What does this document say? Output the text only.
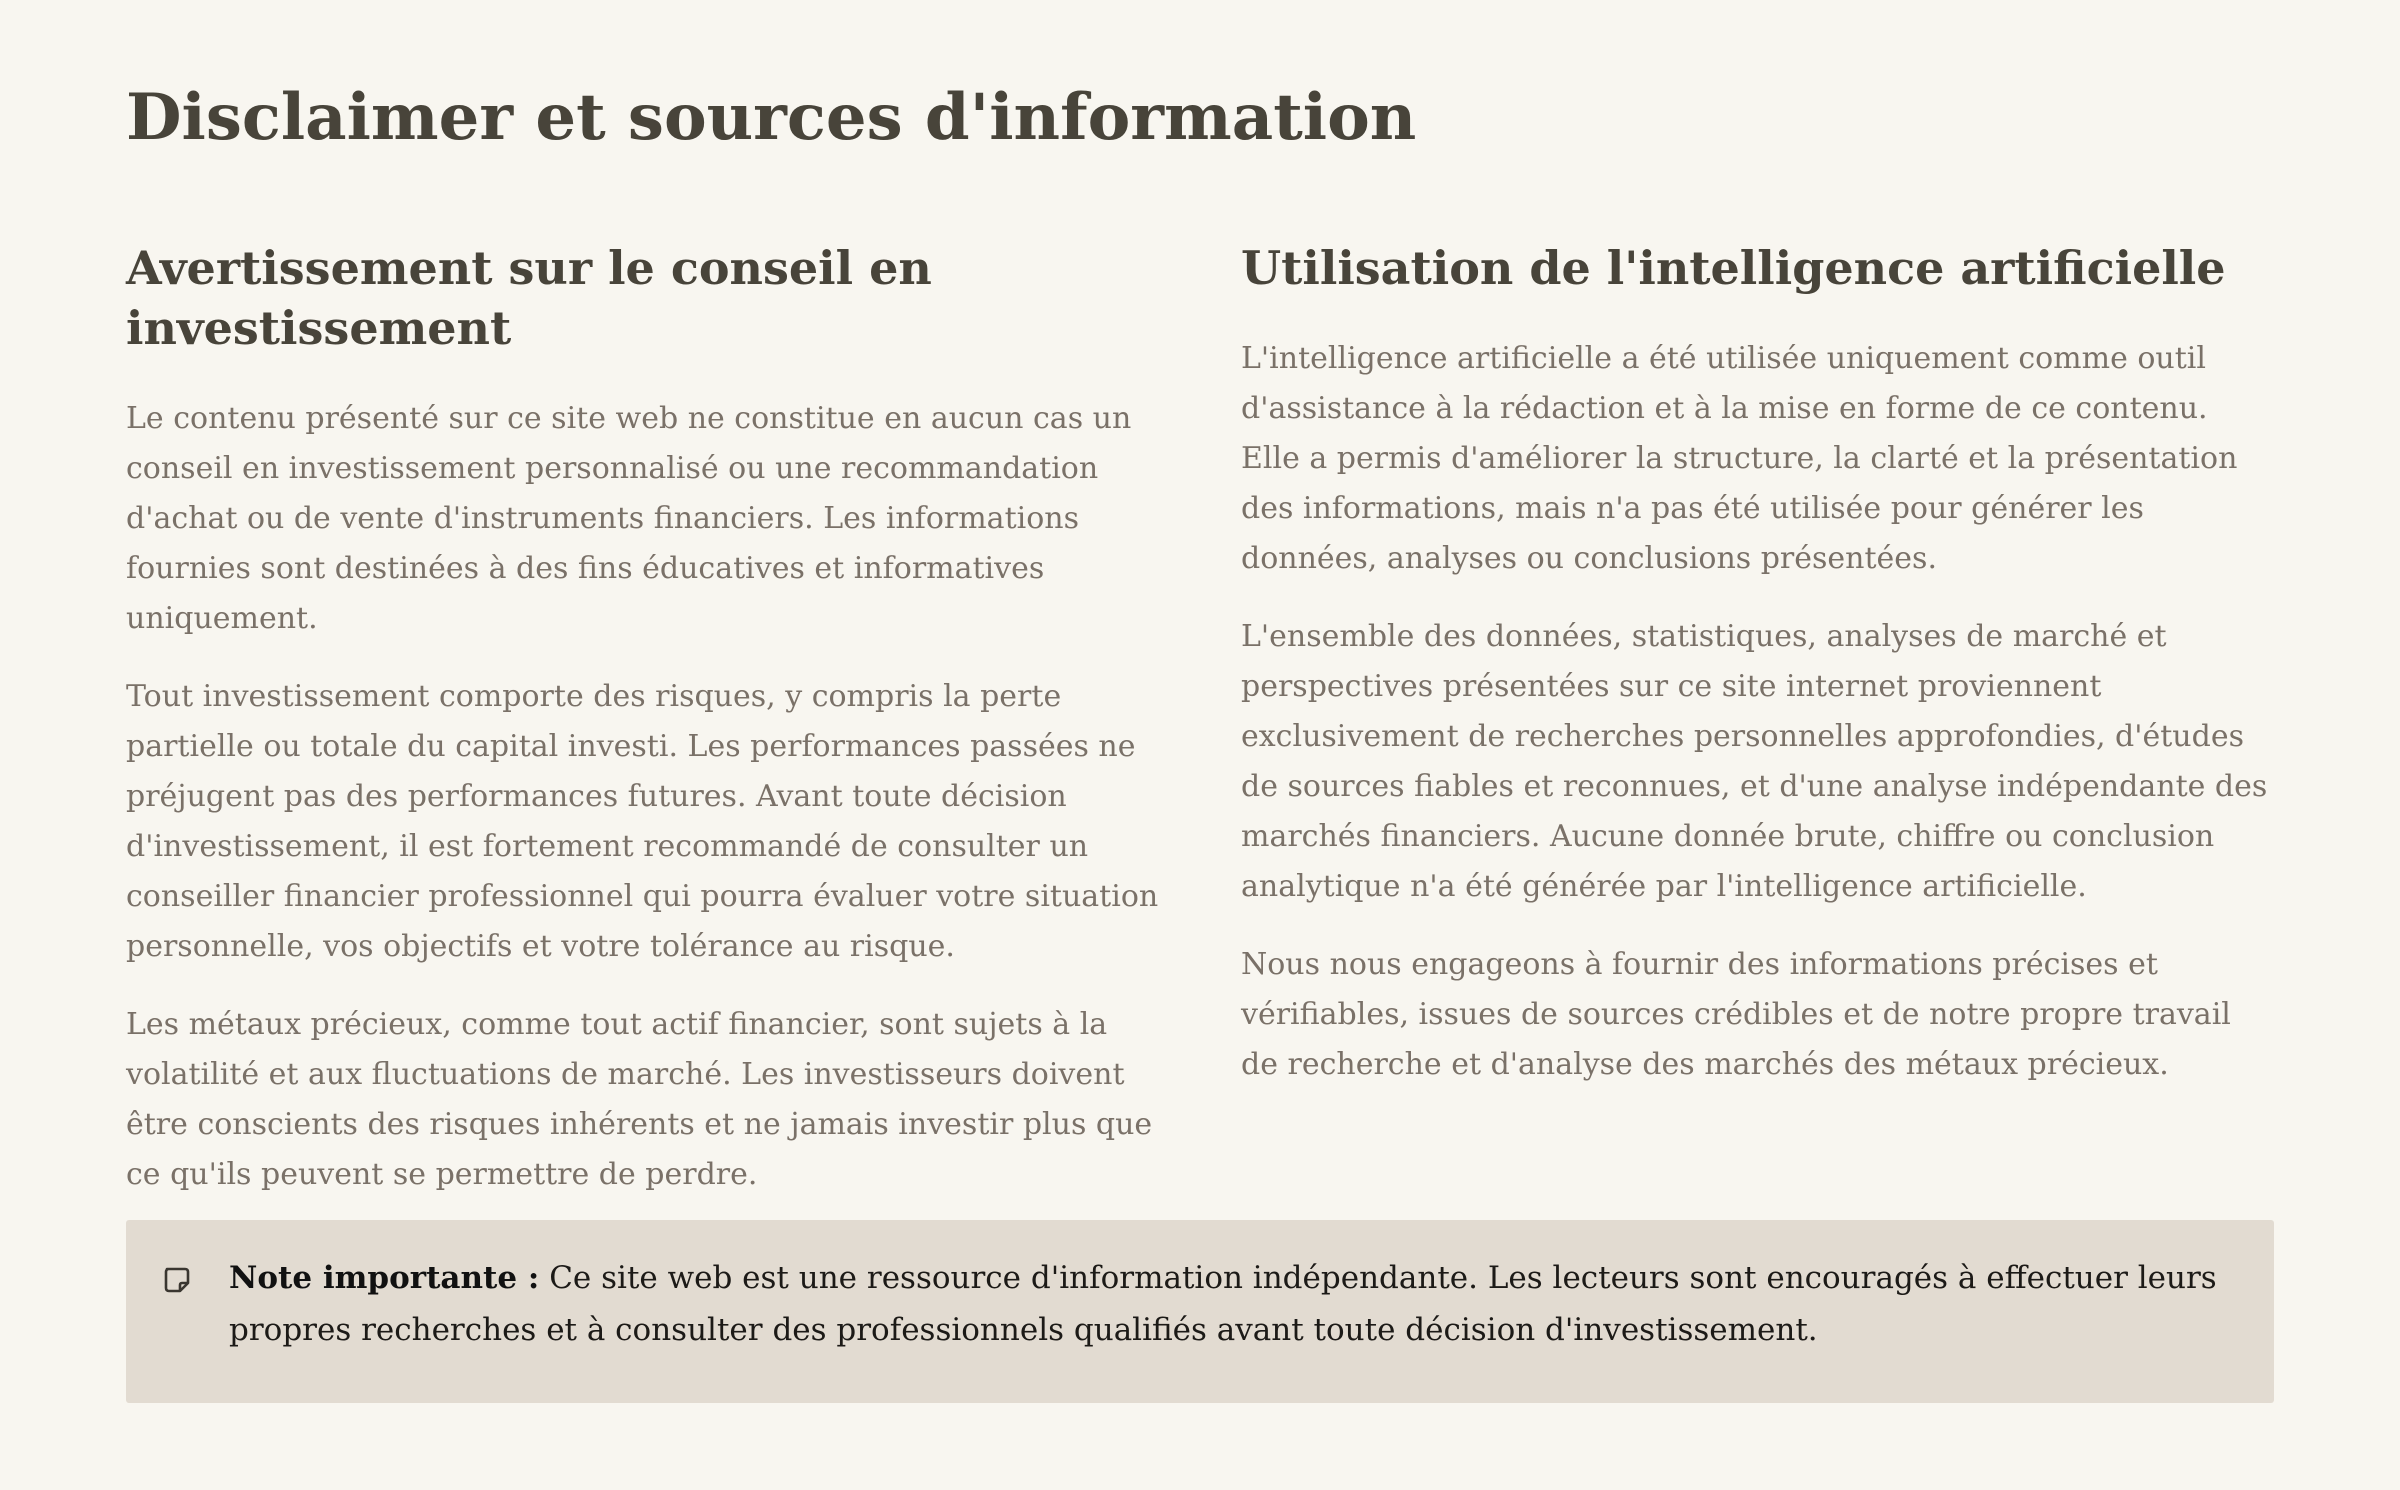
Disclaimer et sources d'information
Avertissement sur le conseil en investissement

Le contenu présenté sur ce site web ne constitue en aucun cas un conseil en investissement personnalisé ou une recommandation d'achat ou de vente d'instruments financiers. Les informations fournies sont destinées à des fins éducatives et informatives uniquement.

Tout investissement comporte des risques, y compris la perte partielle ou totale du capital investi. Les performances passées ne préjugent pas des performances futures. Avant toute décision d'investissement, il est fortement recommandé de consulter un conseiller financier professionnel qui pourra évaluer votre situation personnelle, vos objectifs et votre tolérance au risque.

Les métaux précieux, comme tout actif financier, sont sujets à la volatilité et aux fluctuations de marché. Les investisseurs doivent être conscients des risques inhérents et ne jamais investir plus que ce qu'ils peuvent se permettre de perdre.

Utilisation de l'intelligence artificielle

L'intelligence artificielle a été utilisée uniquement comme outil d'assistance à la rédaction et à la mise en forme de ce contenu. Elle a permis d'améliorer la structure, la clarté et la présentation des informations, mais n'a pas été utilisée pour générer les données, analyses ou conclusions présentées.

L'ensemble des données, statistiques, analyses de marché et perspectives présentées sur ce site internet proviennent exclusivement de recherches personnelles approfondies, d'études de sources fiables et reconnues, et d'une analyse indépendante des marchés financiers. Aucune donnée brute, chiffre ou conclusion analytique n'a été générée par l'intelligence artificielle.

Nous nous engageons à fournir des informations précises et vérifiables, issues de sources crédibles et de notre propre travail de recherche et d'analyse des marchés des métaux précieux.

Note importante : Ce site web est une ressource d'information indépendante. Les lecteurs sont encouragés à effectuer leurs propres recherches et à consulter des professionnels qualifiés avant toute décision d'investissement.
